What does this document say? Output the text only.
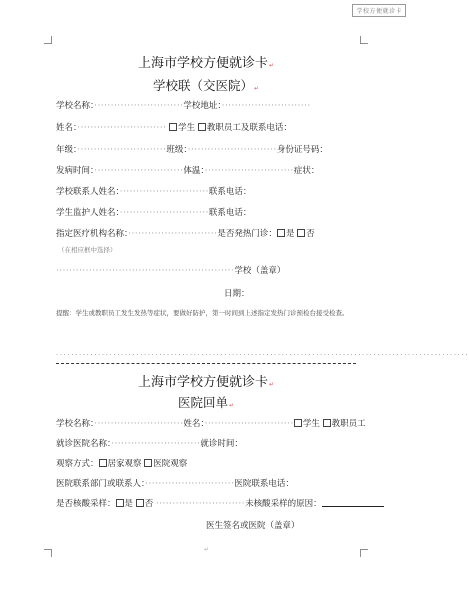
学校方便就诊卡
上海市学校方便就诊卡↵
学校联（交医院）↵
学校名称：···························学校地址：···························
姓名：··························· 学生 教职员工及联系电话：
年级：···························班级：···························身份证号码：
发病时间：···························体温：···························症状：
学校联系人姓名：···························联系电话：
学生监护人姓名：···························联系电话：
指定医疗机构名称：···························是否発热门诊： 是 否
（在相应框中选择）
······················································学校（盖章）
日期：
提醒：学生或教职员工发生发热等症状，要做好防护，第一时间到上述指定发热门诊预检台接受检查。
············································································································
上海市学校方便就诊卡↵
医院回单↵
学校名称：···························姓名：··························· 学生 教职员工
就诊医院名称：···························就诊时间：
观察方式： 居家观察 医院观察
医院联系部门或联系人：···························医院联系电话：
是否核酸采样： 是 否 ···························未核酸采样的原因：
医生签名或医院（盖章）
↵
